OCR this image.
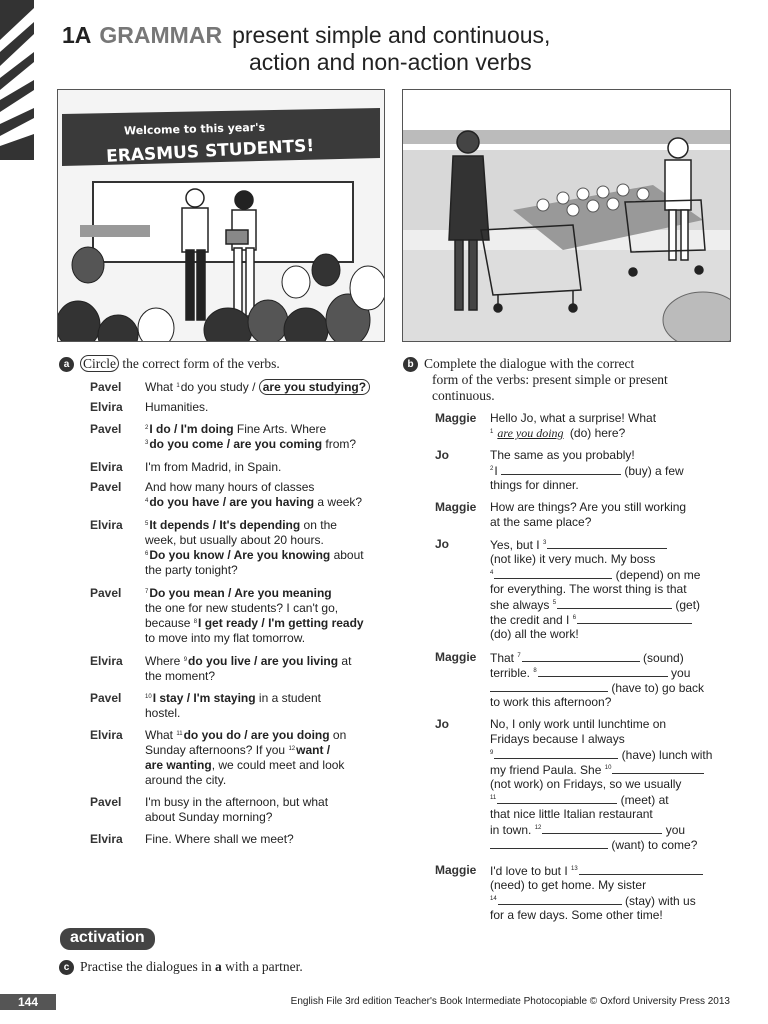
1A GRAMMAR present simple and continuous,
action and non-action verbs
Welcome to this year's
ERASMUS STUDENTS!
a Circle the correct form of the verbs.
Pavel What $^1$do you study / are you studying?
Elvira Humanities.
Pavel	$^2$I do / I'm doing Fine Arts. Where
$^3$do you come / are you coming from?
Elvira I'm from Madrid, in Spain.
Pavel And how many hours of classes
$^4$do you have / are you having a week?
Elvira	$^5$It depends / It's depending on the
week, but usually about 20 hours.
$^6$Do you know / Are you knowing about
the party tonight?
Pavel	$^7$Do you mean / Are you meaning
the one for new students? I can't go,
because $^8$I get ready / I'm getting ready
to move into my flat tomorrow.
Elvira Where $^9$do you live / are you living at
the moment?
Pavel	$^{10}$I stay / I'm staying in a student
hostel.
Elvira What $^{11}$do you do / are you doing on
Sunday afternoons? If you $^{12}$want /
are wanting, we could meet and look
around the city.
Pavel I'm busy in the afternoon, but what
about Sunday morning?
Elvira Fine. Where shall we meet?
b Complete the dialogue with the correct
form of the verbs: present simple or present
continuous.
Maggie Hello Jo, what a surprise! What
$^1$ are you doing (do) here?
Jo	The same as you probably!
$^2$I	(buy) a few
things for dinner.
Maggie How are things? Are you still working
at the same place?
Jo	Yes, but I $^3$
(not like) it very much. My boss
$^4$	(depend) on me
for everything. The worst thing is that
she always $^5$	(get)
the credit and I $^6$
(do) all the work!
Maggie That $^7$	(sound)
terrible. $^8$	you
(have to) go back
to work this afternoon?
Jo	No, I only work until lunchtime on
Fridays because I always
$^9$	(have) lunch with
my friend Paula. She $^{10}$
(not work) on Fridays, so we usually
$^{11}$	(meet) at
that nice little Italian restaurant
in town. $^{12}$	you
(want) to come?
Maggie I'd love to but I $^{13}$
(need) to get home. My sister
$^{14}$	(stay) with us
for a few days. Some other time!
activation
c Practise the dialogues in a with a partner.
144	English File 3rd edition Teacher's Book Intermediate Photocopiable © Oxford University Press 2013
